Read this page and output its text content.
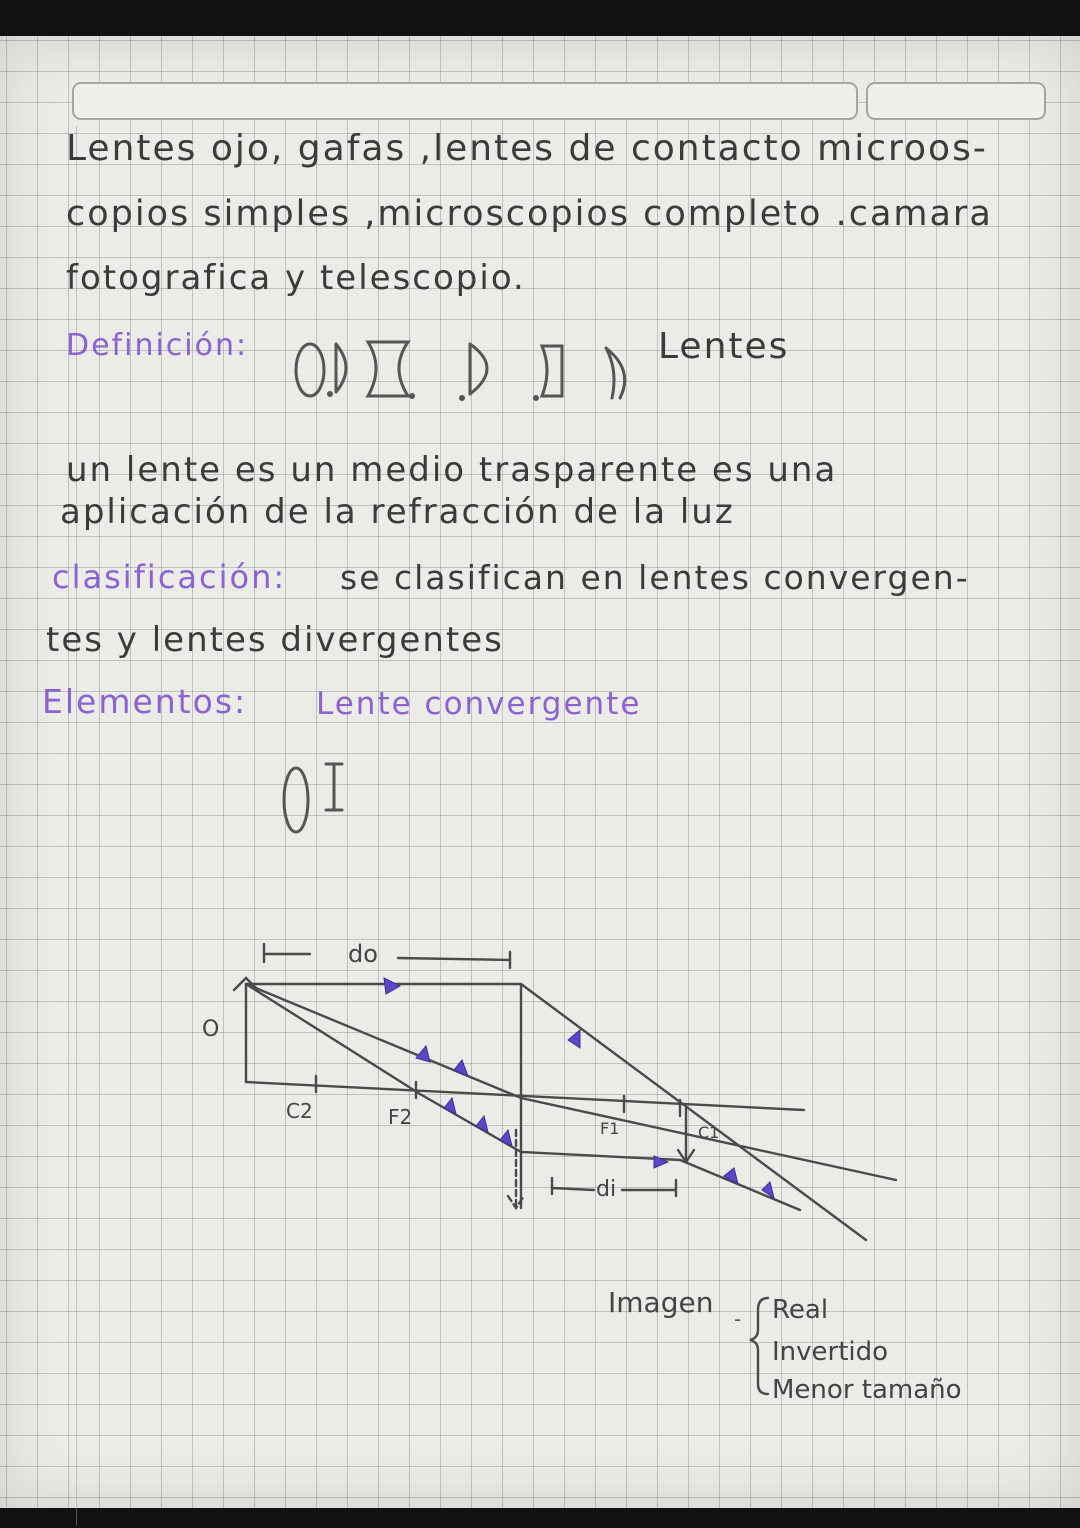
Lentes ojo, gafas ,lentes de contacto microos-
copios simples ,microscopios completo .camara
fotografica y telescopio.
Definición:	Lentes
un lente es un medio trasparente es una
aplicación de la refracción de la luz
clasificación: se clasifican en lentes convergen-
tes y lentes divergentes
Elementos: Lente convergente
do
di
O
C2	F2	F1	C1
Imagen - Real
Invertido
Menor tamaño
